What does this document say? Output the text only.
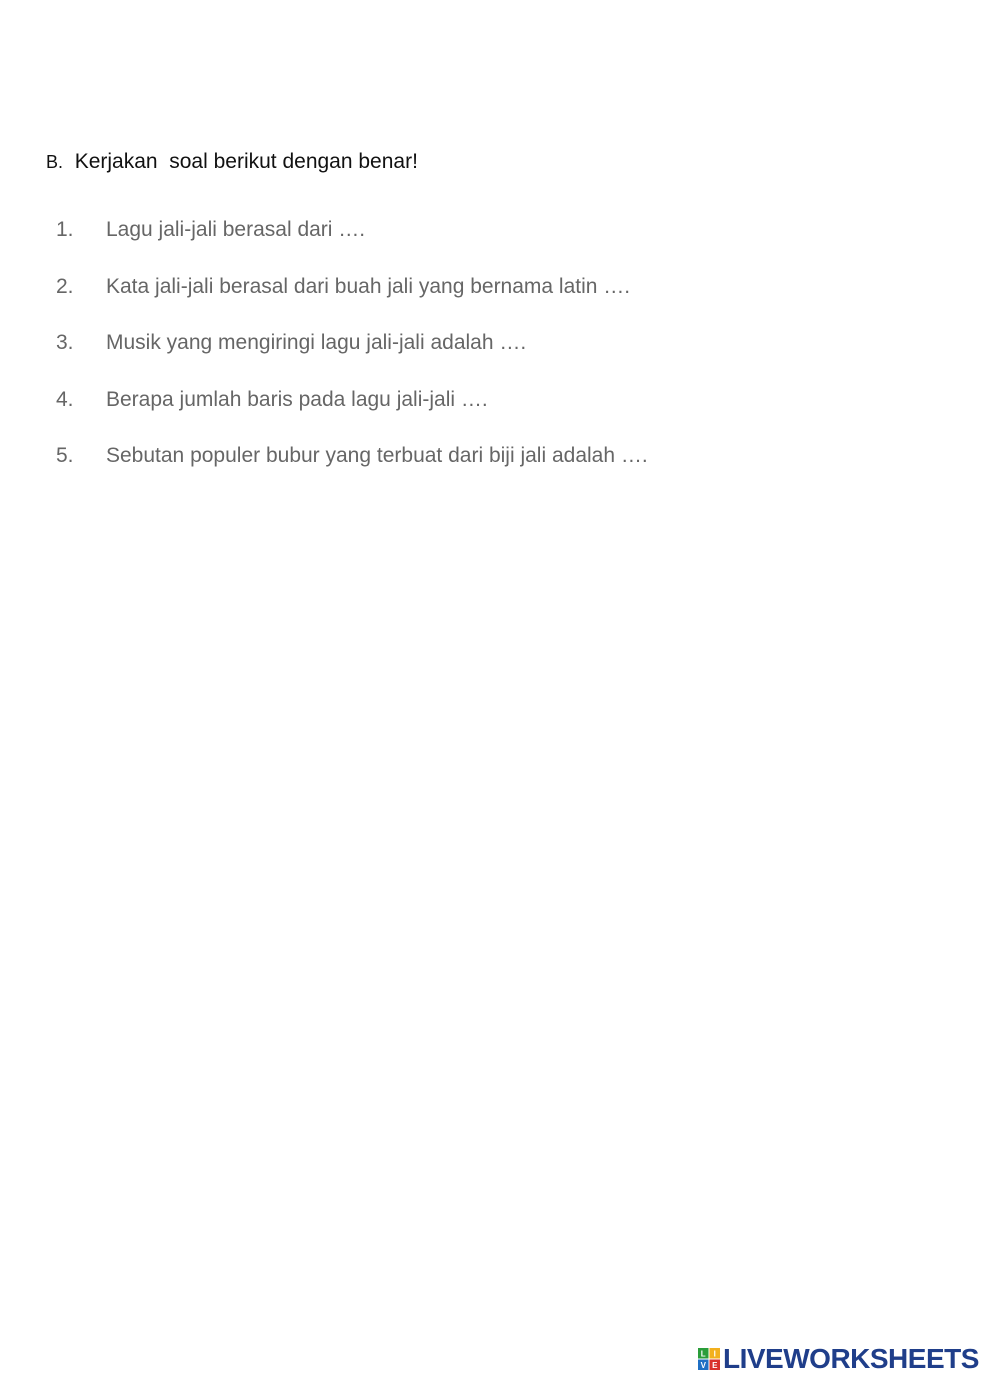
B. Kerjakan  soal berikut dengan benar!
1. Lagu jali-jali berasal dari ….
2. Kata jali-jali berasal dari buah jali yang bernama latin ….
3. Musik yang mengiringi lagu jali-jali adalah ….
4. Berapa jumlah baris pada lagu jali-jali ….
5. Sebutan populer bubur yang terbuat dari biji jali adalah ….
L I
V E LIVEWORKSHEETS
